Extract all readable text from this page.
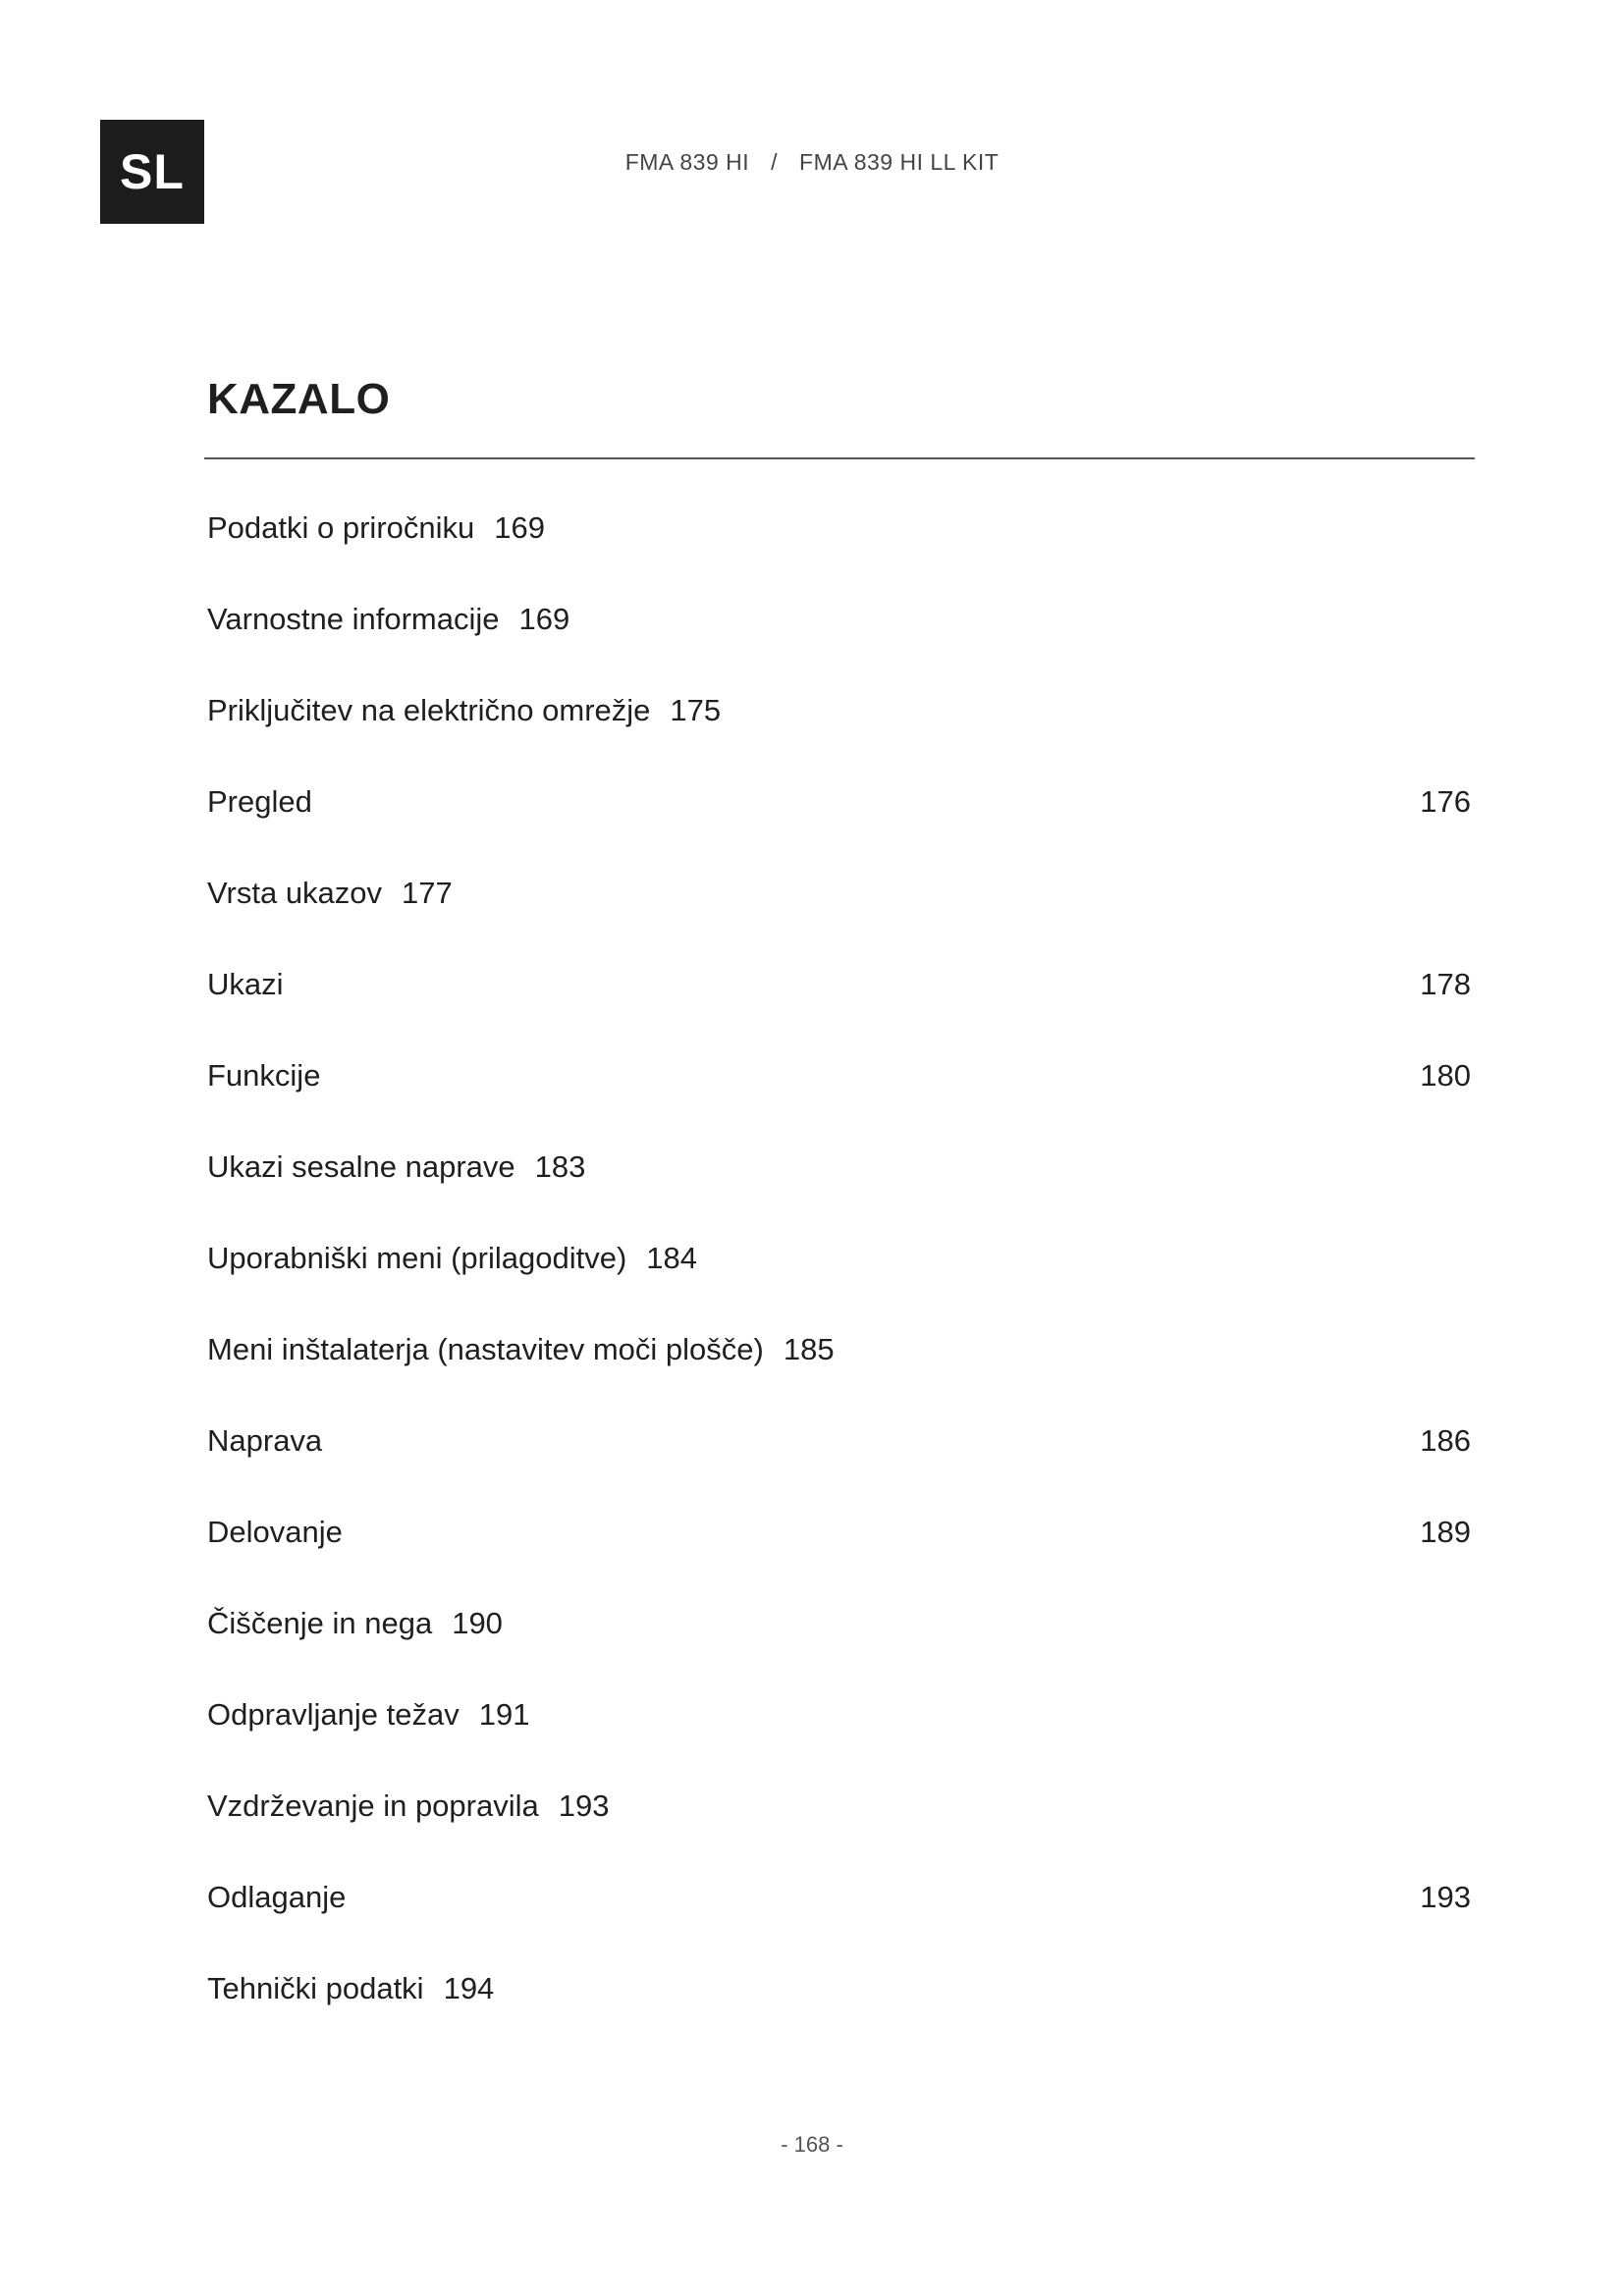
SL	FMA 839 HI / FMA 839 HI LL KIT
KAZALO
Podatki o priročniku 169
Varnostne informacije 169
Priključitev na električno omrežje 175
Pregled	176
Vrsta ukazov 177
Ukazi	178
Funkcije	180
Ukazi sesalne naprave 183
Uporabniški meni (prilagoditve) 184
Meni inštalaterja (nastavitev moči plošče) 185
Naprava	186
Delovanje	189
Čiščenje in nega 190
Odpravljanje težav 191
Vzdrževanje in popravila 193
Odlaganje	193
Tehnički podatki 194
- 168 -
